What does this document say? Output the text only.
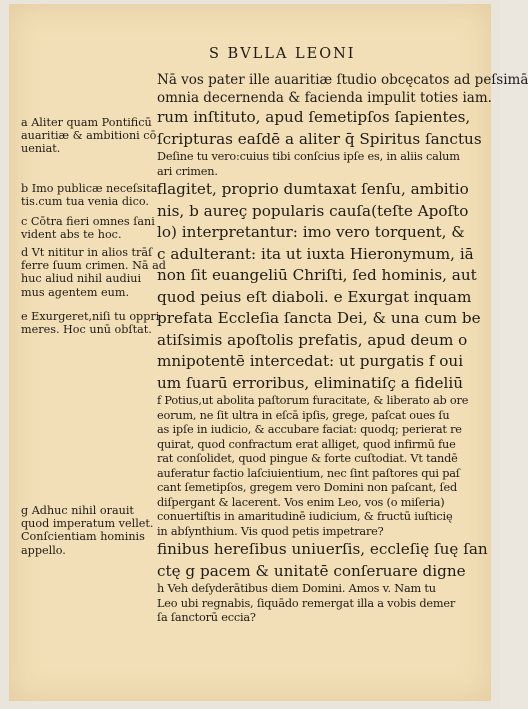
S BVLLA LEONI
Nā vos pater ille auaritiæ ſtudio obcęcatos ad peſsimā
omnia decernenda & facienda impulit toties iam.
rum inſtituto, apud ſemetipſos ſapientes,
ſcripturas eaſdē a aliter q̄ Spiritus ſanctus
Deſine tu vero:cuius tibi conſcius ipſe es, in aliis calum
ari crimen.
flagitet, proprio dumtaxat ſenſu, ambitio
nis, b aureç popularis cauſa(teſte Apoſto
lo) interpretantur: imo vero torquent, &
c adulterant: ita ut iuxta Hieronymum, iā
non ſit euangeliū Chriſti, ſed hominis, aut
quod peius eſt diaboli. e Exurgat inquam
prefata Eccleſia ſancta Dei, & una cum be
atiſsimis apoſtolis prefatis, apud deum o
mnipotentē intercedat: ut purgatis f oui
um ſuarū erroribus, eliminatiſç a fideliū
f Potius,ut abolita paſtorum furacitate, & liberato ab ore
eorum, ne ſit ultra in eſcā ipſis, grege, paſcat oues ſu
as ipſe in iudicio, & accubare faciat: quodq; perierat re
quirat, quod confractum erat alliget, quod infirmū fue
rat conſolidet, quod pingue & forte cuſtodiat. Vt tandē
auferatur factio laſciuientium, nec ſint paſtores qui paſ
cant ſemetipſos, gregem vero Domini non paſcant, ſed
diſpergant & lacerent. Vos enim Leo, vos (o miſeria)
conuertiſtis in amaritudinē iudicium, & fructū iuſticię
in abſynthium. Vis quod petis impetrare?
finibus hereſibus uniuerſis, eccleſię ſuę ſan
ctę g pacem & unitatē conſeruare digne
h Veh deſyderātibus diem Domini. Amos v. Nam tu
Leo ubi regnabis, ſiquādo remergat illa a vobis demer
ſa ſanctorū eccia?
a Aliter quam Pontificū
auaritiæ & ambitioni cō
ueniat.
b Imo publicæ neceſsita
tis.cum tua venia dico.
c Cōtra fieri omnes ſani
vident abs te hoc.
d Vt nititur in alios trāſ
ferre ſuum crimen. Nā ad
huc aliud nihil audiui
mus agentem eum.
e Exurgeret,niſi tu oppri
meres. Hoc unū obſtat.
g Adhuc nihil orauit
quod imperatum vellet.
Conſcientiam hominis
appello.
